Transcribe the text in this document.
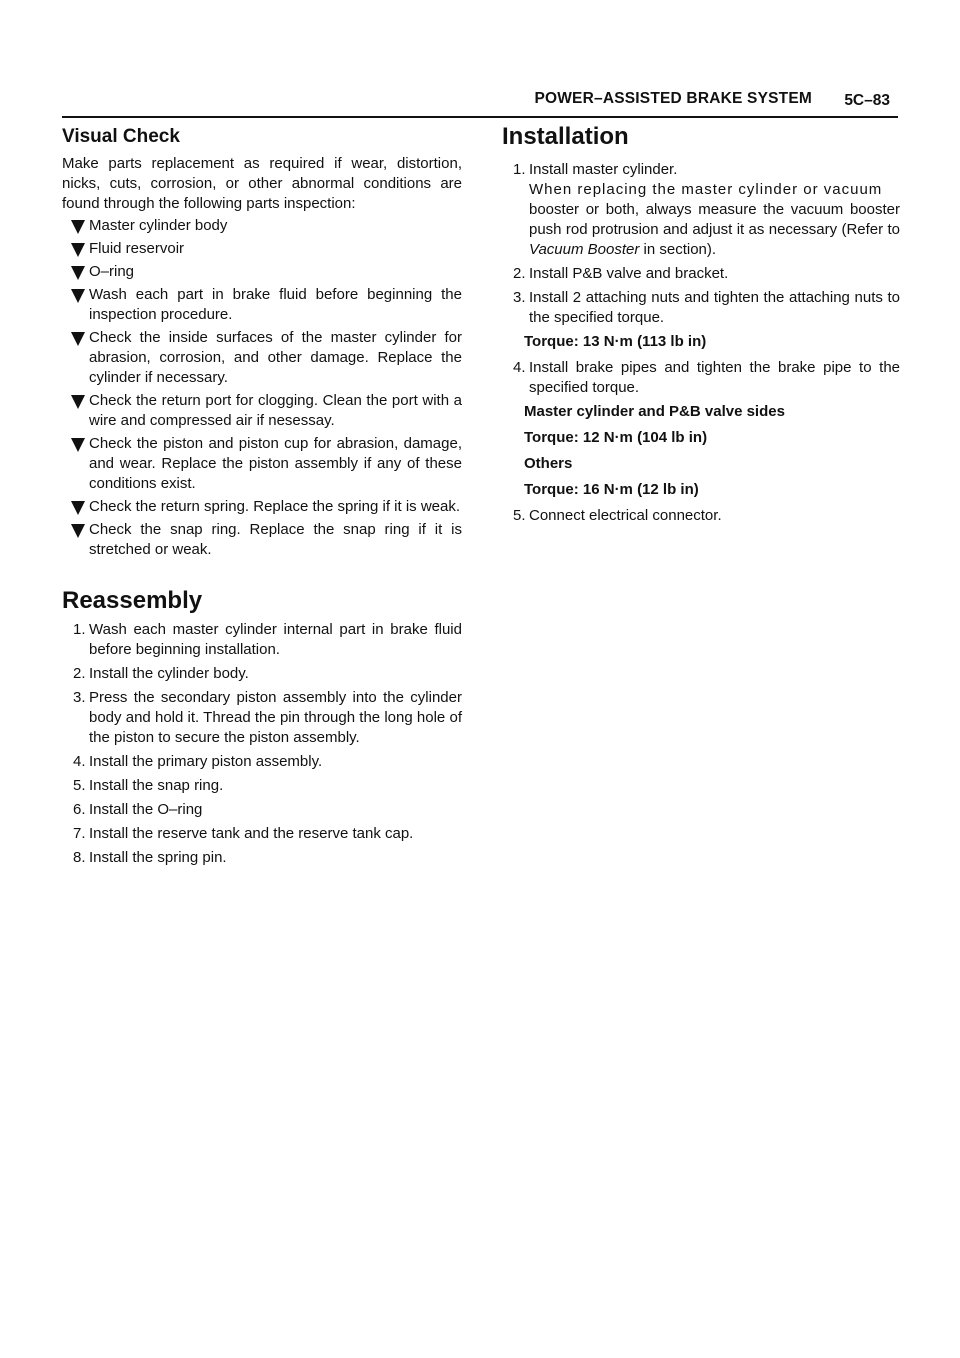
POWER–ASSISTED BRAKE SYSTEM 5C–83
Visual Check

Make parts replacement as required if wear, distortion, nicks, cuts, corrosion, or other abnormal conditions are found through the following parts inspection:

Master cylinder body
Fluid reservoir
O–ring
Wash each part in brake fluid before beginning the inspection procedure.
Check the inside surfaces of the master cylinder for abrasion, corrosion, and other damage. Replace the cylinder if necessary.
Check the return port for clogging. Clean the port with a wire and compressed air if nesessay.
Check the piston and piston cup for abrasion, damage, and wear. Replace the piston assembly if any of these conditions exist.
Check the return spring. Replace the spring if it is weak.
Check the snap ring. Replace the snap ring if it is stretched or weak.
Reassembly
1. Wash each master cylinder internal part in brake fluid before beginning installation.
2. Install the cylinder body.
3. Press the secondary piston assembly into the cylinder body and hold it. Thread the pin through the long hole of the piston to secure the piston assembly.
4. Install the primary piston assembly.
5. Install the snap ring.
6. Install the O–ring
7. Install the reserve tank and the reserve tank cap.
8. Install the spring pin.
Installation
1. Install master cylinder.

When replacing the master cylinder or vacuum
booster or both, always measure the vacuum booster push rod protrusion and adjust it as necessary (Refer to Vacuum Booster in section).

2. Install P&B valve and bracket.
3. Install 2 attaching nuts and tighten the attaching nuts to the specified torque.

Torque: 13 N·m (113 lb in)

4. Install brake pipes and tighten the brake pipe to the specified torque.

Master cylinder and P&B valve sides

Torque: 12 N·m (104 lb in)

Others

Torque: 16 N·m (12 lb in)

5. Connect electrical connector.
